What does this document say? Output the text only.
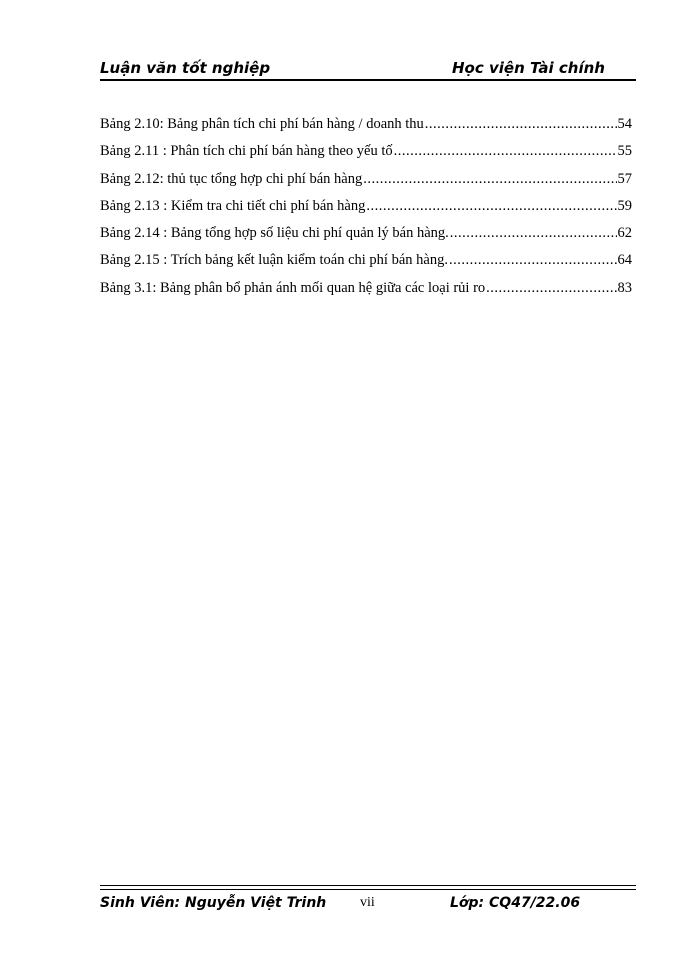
Luận văn tốt nghiệp	Học viện Tài chính
Bảng 2.10: Bảng phân tích chi phí bán hàng / doanh thu .....	54
Bảng 2.11 : Phân tích chi phí bán hàng theo yếu tố .....	55
Bảng 2.12: thủ tục tổng hợp chi phí bán hàng .....	57
Bảng 2.13 : Kiểm tra chi tiết chi phí bán hàng .....	59
Bảng 2.14 : Bảng tổng hợp số liệu chi phí quản lý bán hàng. .....	62
Bảng 2.15 : Trích bảng kết luận kiểm toán chi phí bán hàng. .....	64
Bảng 3.1: Bảng phân bổ phản ánh mối quan hệ giữa các loại rủi ro .....	83
Sinh Viên: Nguyễn Việt Trinh vii	Lớp: CQ47/22.06
